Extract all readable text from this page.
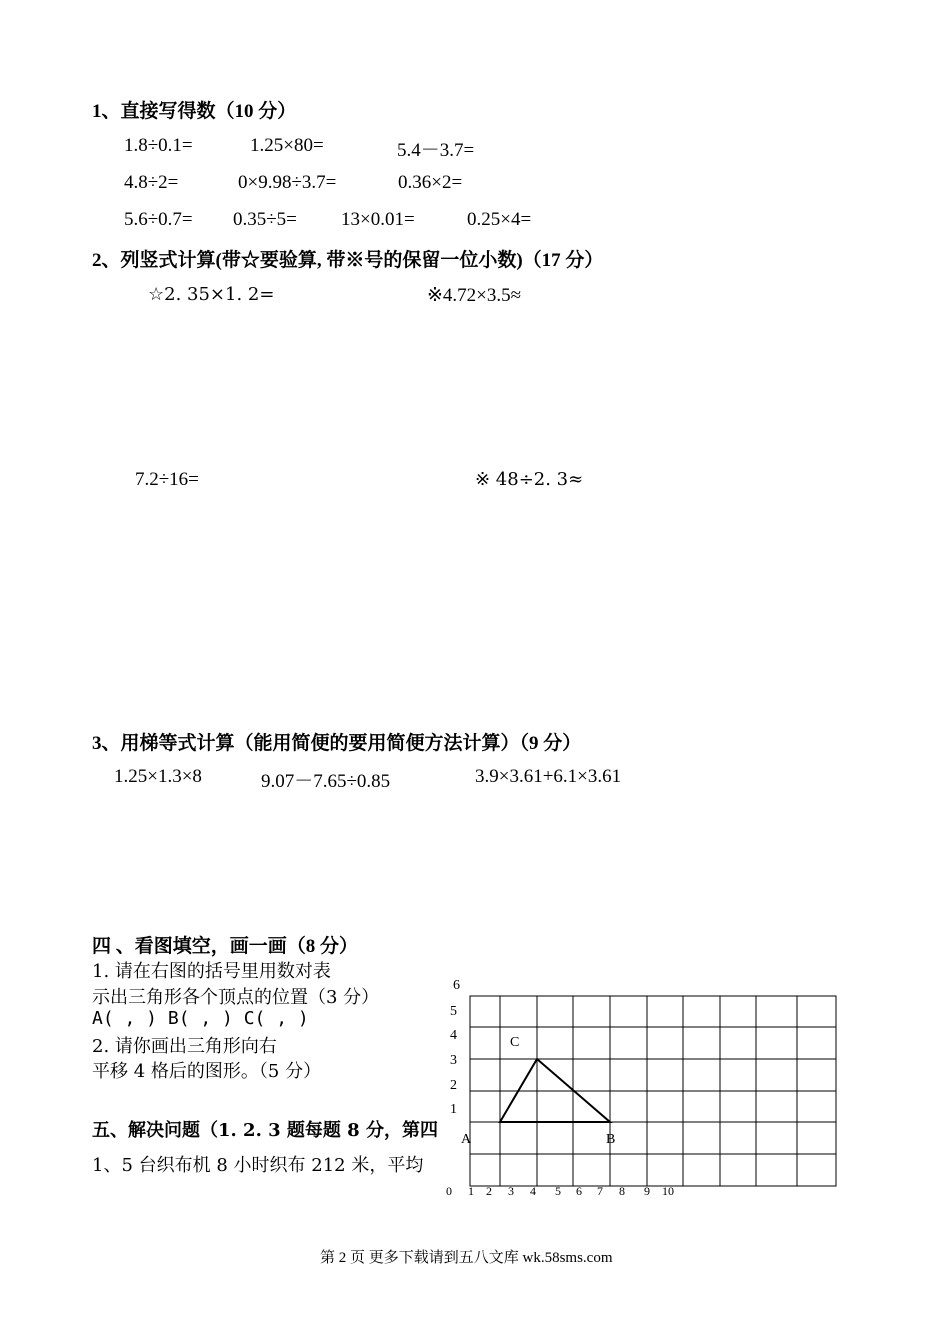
1、直接写得数（10 分）
1.8÷0.1=	1.25×80=	5.4－3.7=
4.8÷2=	0×9.98÷3.7=	0.36×2=
5.6÷0.7= 0.35÷5= 13×0.01=	0.25×4=
2、列竖式计算(带☆要验算, 带※号的保留一位小数)（17 分）
☆2. 35×1. 2=	※4.72×3.5≈
7.2÷16=	※ 48÷2. 3≈
3、用梯等式计算（能用简便的要用简便方法计算）（9 分）
1.25×1.3×8	9.07－7.65÷0.85	3.9×3.61+6.1×3.61
四 、看图填空，画一画（8 分）
1. 请在右图的括号里用数对表
示出三角形各个顶点的位置（3 分）
A( , ) B( , ) C( , )
2. 请你画出三角形向右
平移 4 格后的图形。（5 分）
五、解决问题（1. 2. 3 题每题 8 分，第四
1、5 台织布机 8 小时织布 212 米，平均
6
5
4
3
2
1
C
A	B
0 1 2 3 4 5 6 7 8 9 10
第 2 页 更多下载请到五八文库 wk.58sms.com
